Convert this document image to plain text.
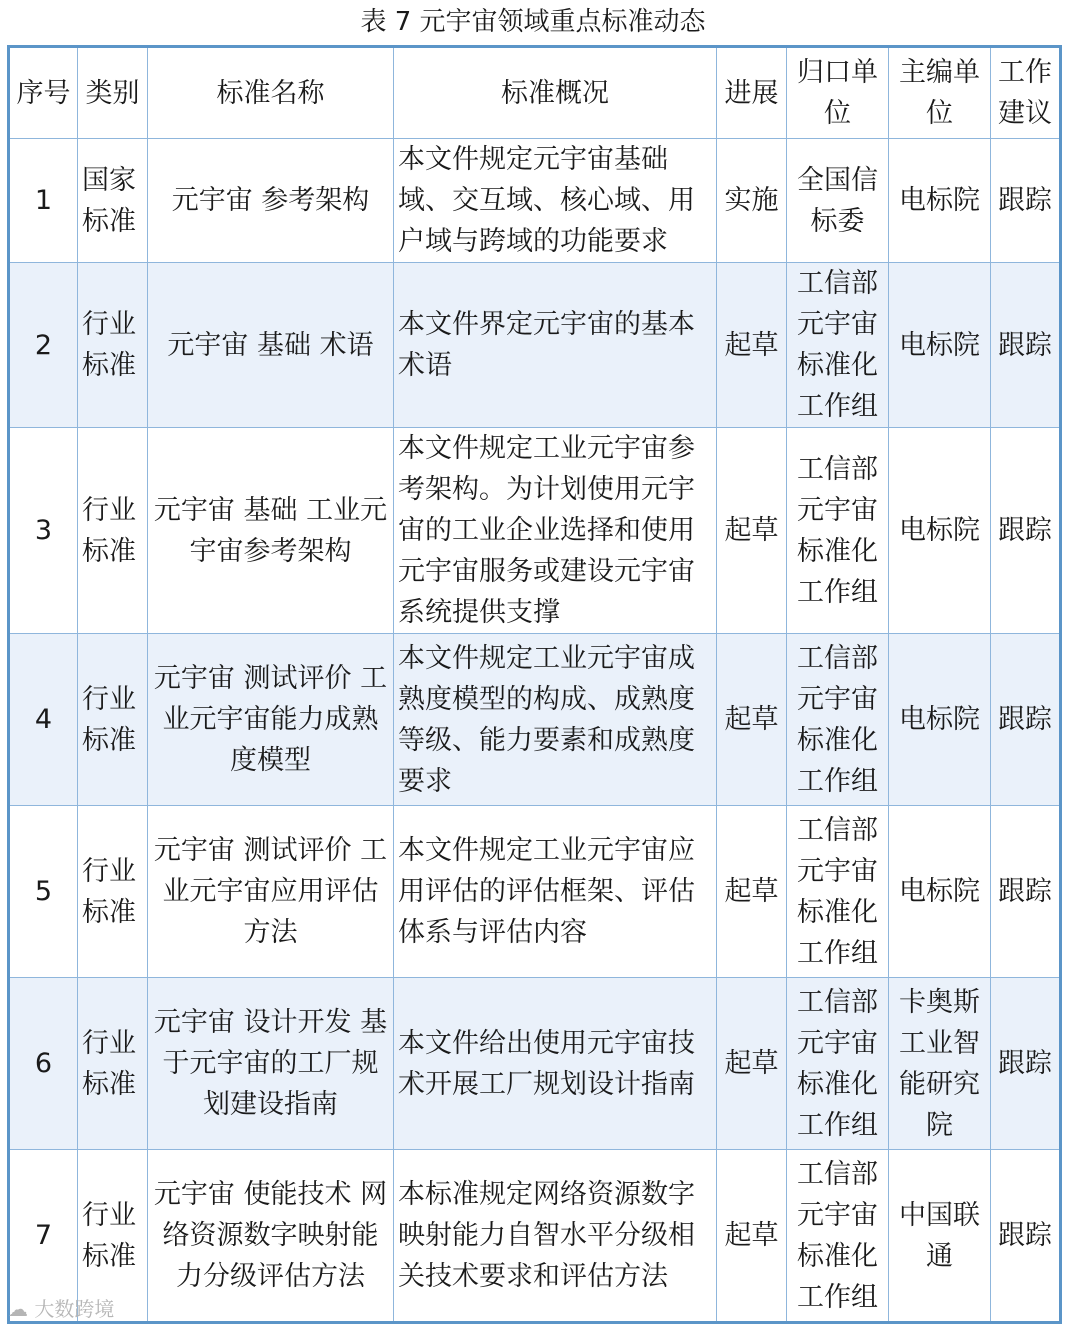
表 7 元宇宙领域重点标准动态
序号	类别	标准名称	标准概况	进展	归口单位	主编单位	工作建议
1	国家标准	元宇宙 参考架构	本文件规定元宇宙基础域、交互域、核心域、用户域与跨域的功能要求	实施	全国信标委	电标院	跟踪
2	行业标准	元宇宙 基础 术语	本文件界定元宇宙的基本术语	起草	工信部元宇宙标准化工作组	电标院	跟踪
3	行业标准	元宇宙 基础 工业元宇宙参考架构	本文件规定工业元宇宙参考架构。为计划使用元宇宙的工业企业选择和使用元宇宙服务或建设元宇宙系统提供支撑	起草	工信部元宇宙标准化工作组	电标院	跟踪
4	行业标准	元宇宙 测试评价 工业元宇宙能力成熟度模型	本文件规定工业元宇宙成熟度模型的构成、成熟度等级、能力要素和成熟度要求	起草	工信部元宇宙标准化工作组	电标院	跟踪
5	行业标准	元宇宙 测试评价 工业元宇宙应用评估方法	本文件规定工业元宇宙应用评估的评估框架、评估体系与评估内容	起草	工信部元宇宙标准化工作组	电标院	跟踪
6	行业标准	元宇宙 设计开发 基于元宇宙的工厂规划建设指南	本文件给出使用元宇宙技术开展工厂规划设计指南	起草	工信部元宇宙标准化工作组	卡奥斯工业智能研究院	跟踪
7	行业标准	元宇宙 使能技术 网络资源数字映射能力分级评估方法	本标准规定网络资源数字映射能力自智水平分级相关技术要求和评估方法	起草	工信部元宇宙标准化工作组	中国联通	跟踪
☁ 大数跨境
